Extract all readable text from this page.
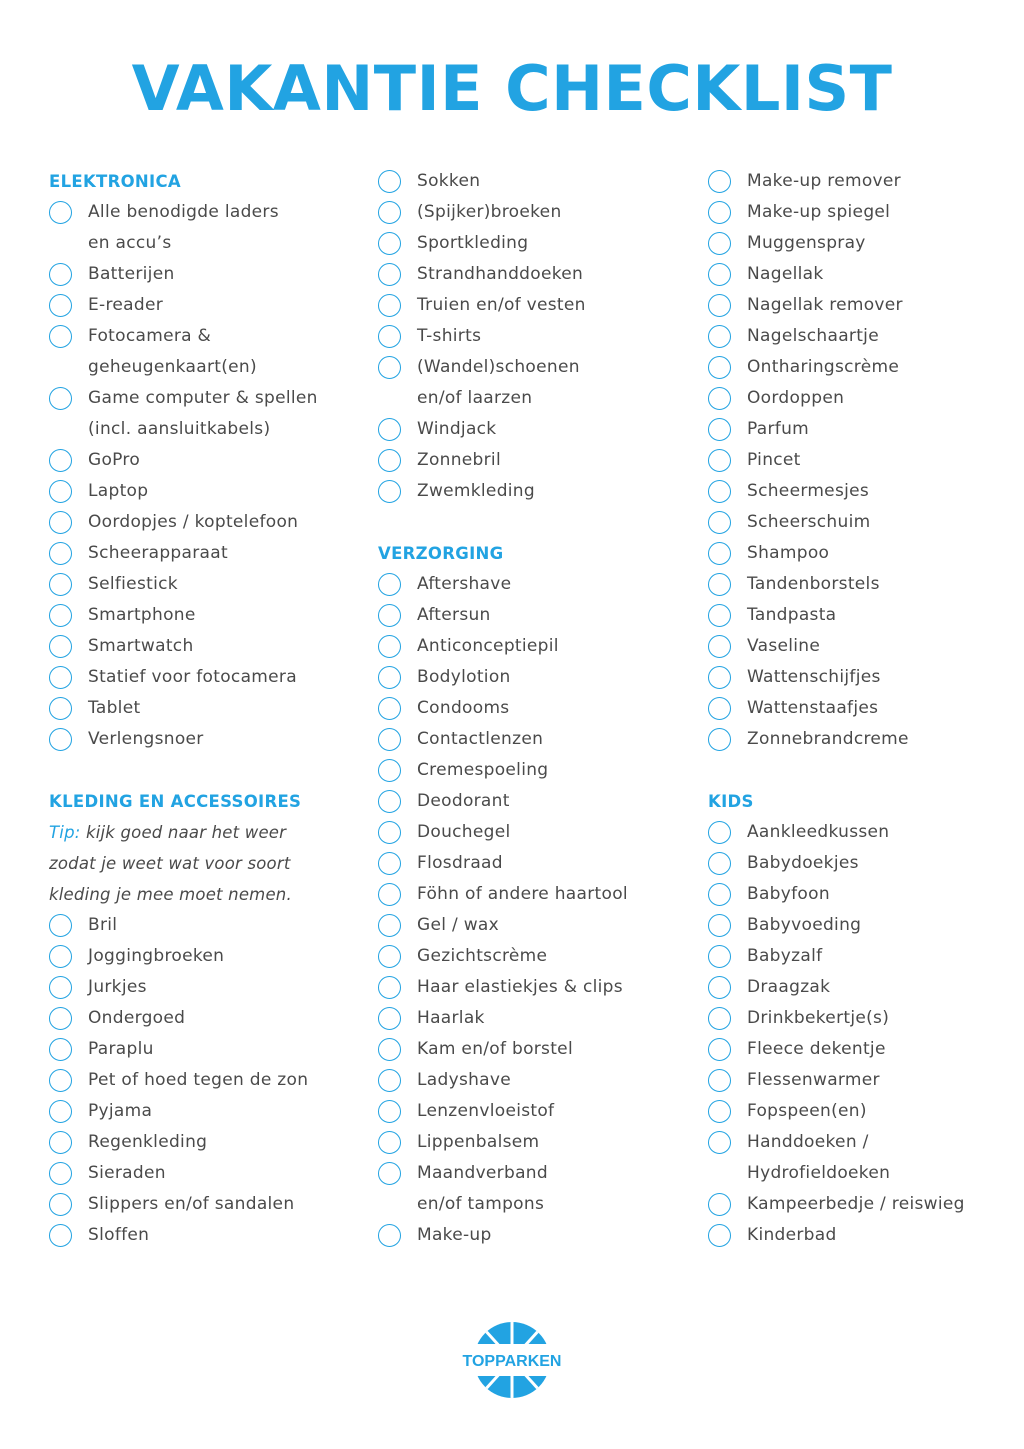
VAKANTIE CHECKLIST
ELEKTRONICA
Alle benodigde laders
en accu’s
Batterijen
E-reader
Fotocamera &
geheugenkaart(en)
Game computer & spellen
(incl. aansluitkabels)
GoPro
Laptop
Oordopjes / koptelefoon
Scheerapparaat
Selfiestick
Smartphone
Smartwatch
Statief voor fotocamera
Tablet
Verlengsnoer
KLEDING EN ACCESSOIRES
Tip: kijk goed naar het weer
zodat je weet wat voor soort
kleding je mee moet nemen.
Bril
Joggingbroeken
Jurkjes
Ondergoed
Paraplu
Pet of hoed tegen de zon
Pyjama
Regenkleding
Sieraden
Slippers en/of sandalen
Sloffen
Sokken
(Spijker)broeken
Sportkleding
Strandhanddoeken
Truien en/of vesten
T-shirts
(Wandel)schoenen
en/of laarzen
Windjack
Zonnebril
Zwemkleding
VERZORGING
Aftershave
Aftersun
Anticonceptiepil
Bodylotion
Condooms
Contactlenzen
Cremespoeling
Deodorant
Douchegel
Flosdraad
Föhn of andere haartool
Gel / wax
Gezichtscrème
Haar elastiekjes & clips
Haarlak
Kam en/of borstel
Ladyshave
Lenzenvloeistof
Lippenbalsem
Maandverband
en/of tampons
Make-up
Make-up remover
Make-up spiegel
Muggenspray
Nagellak
Nagellak remover
Nagelschaartje
Ontharingscrème
Oordoppen
Parfum
Pincet
Scheermesjes
Scheerschuim
Shampoo
Tandenborstels
Tandpasta
Vaseline
Wattenschijfjes
Wattenstaafjes
Zonnebrandcreme
KIDS
Aankleedkussen
Babydoekjes
Babyfoon
Babyvoeding
Babyzalf
Draagzak
Drinkbekertje(s)
Fleece dekentje
Flessenwarmer
Fopspeen(en)
Handdoeken /
Hydrofieldoeken
Kampeerbedje / reiswieg
Kinderbad
TOPPARKEN
